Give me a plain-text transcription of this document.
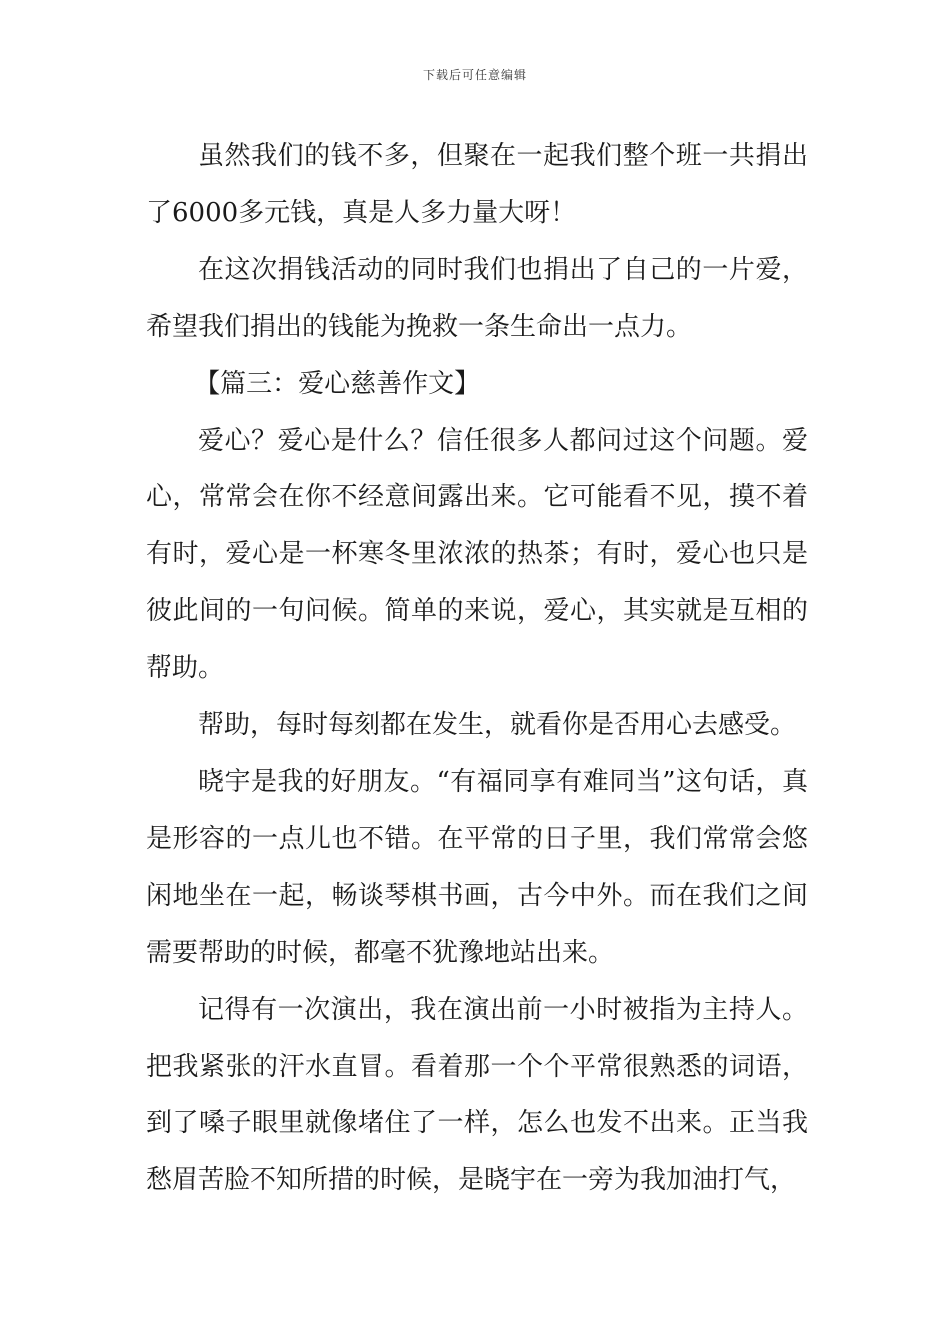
下载后可任意编辑

虽然我们的钱不多，但聚在一起我们整个班一共捐出了6000多元钱，真是人多力量大呀！

在这次捐钱活动的同时我们也捐出了自己的一片爱，希望我们捐出的钱能为挽救一条生命出一点力。

【篇三：爱心慈善作文】

爱心？爱心是什么？信任很多人都问过这个问题。爱心，常常会在你不经意间露出来。它可能看不见，摸不着有时，爱心是一杯寒冬里浓浓的热茶；有时，爱心也只是彼此间的一句问候。简单的来说，爱心，其实就是互相的帮助。

帮助，每时每刻都在发生，就看你是否用心去感受。

晓宇是我的好朋友。“有福同享有难同当”这句话，真是形容的一点儿也不错。在平常的日子里，我们常常会悠闲地坐在一起，畅谈琴棋书画，古今中外。而在我们之间需要帮助的时候，都毫不犹豫地站出来。

记得有一次演出，我在演出前一小时被指为主持人。把我紧张的汗水直冒。看着那一个个平常很熟悉的词语，到了嗓子眼里就像堵住了一样，怎么也发不出来。正当我愁眉苦脸不知所措的时候，是晓宇在一旁为我加油打气，
